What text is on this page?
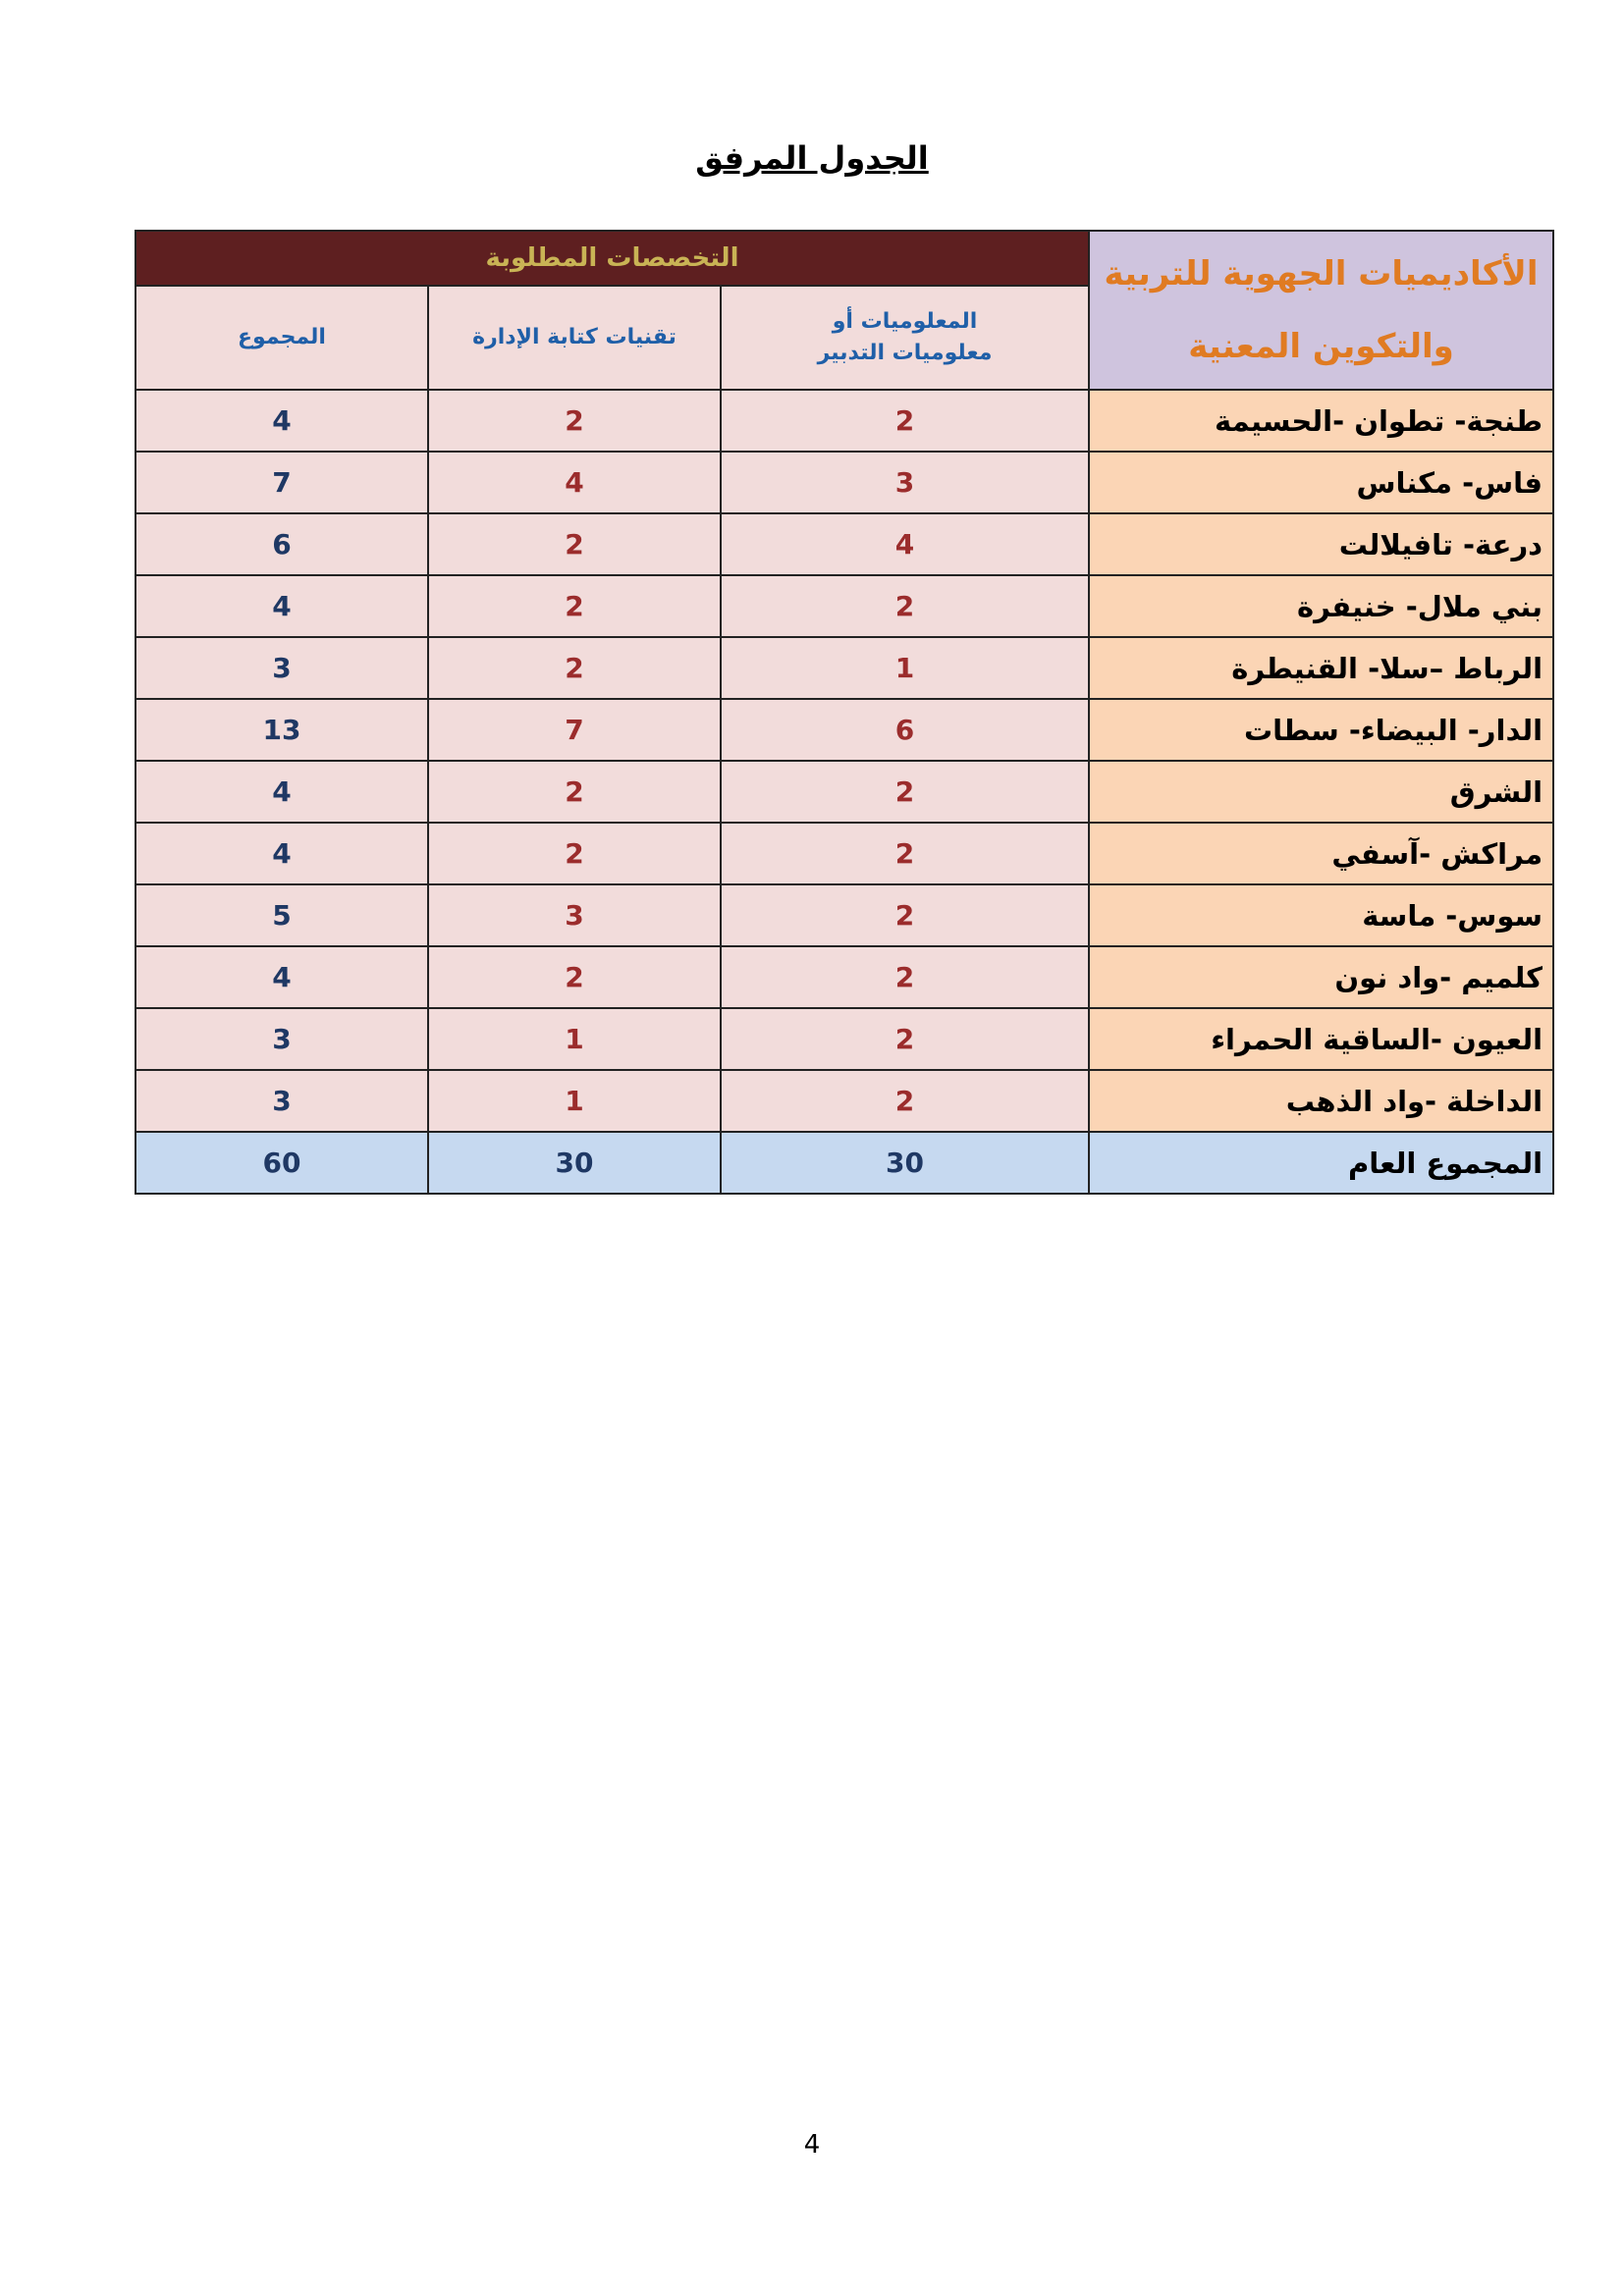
الجدول المرفق
التخصصات المطلوبة			الأكاديميات الجهوية للتربية والتكوين المعنية
المجموع	تقنيات كتابة الإدارة	المعلوميات أو معلوميات التدبير	
4	2	2	طنجة- تطوان -الحسيمة
7	4	3	فاس- مكناس
6	2	4	درعة- تافيلالت
4	2	2	بني ملال- خنيفرة
3	2	1	الرباط –سلا- القنيطرة
13	7	6	الدار- البيضاء- سطات
4	2	2	الشرق
4	2	2	مراكش -آسفي
5	3	2	سوس- ماسة
4	2	2	كلميم -واد نون
3	1	2	العيون -الساقية الحمراء
3	1	2	الداخلة -واد الذهب
60	30	30	المجموع العام
4
